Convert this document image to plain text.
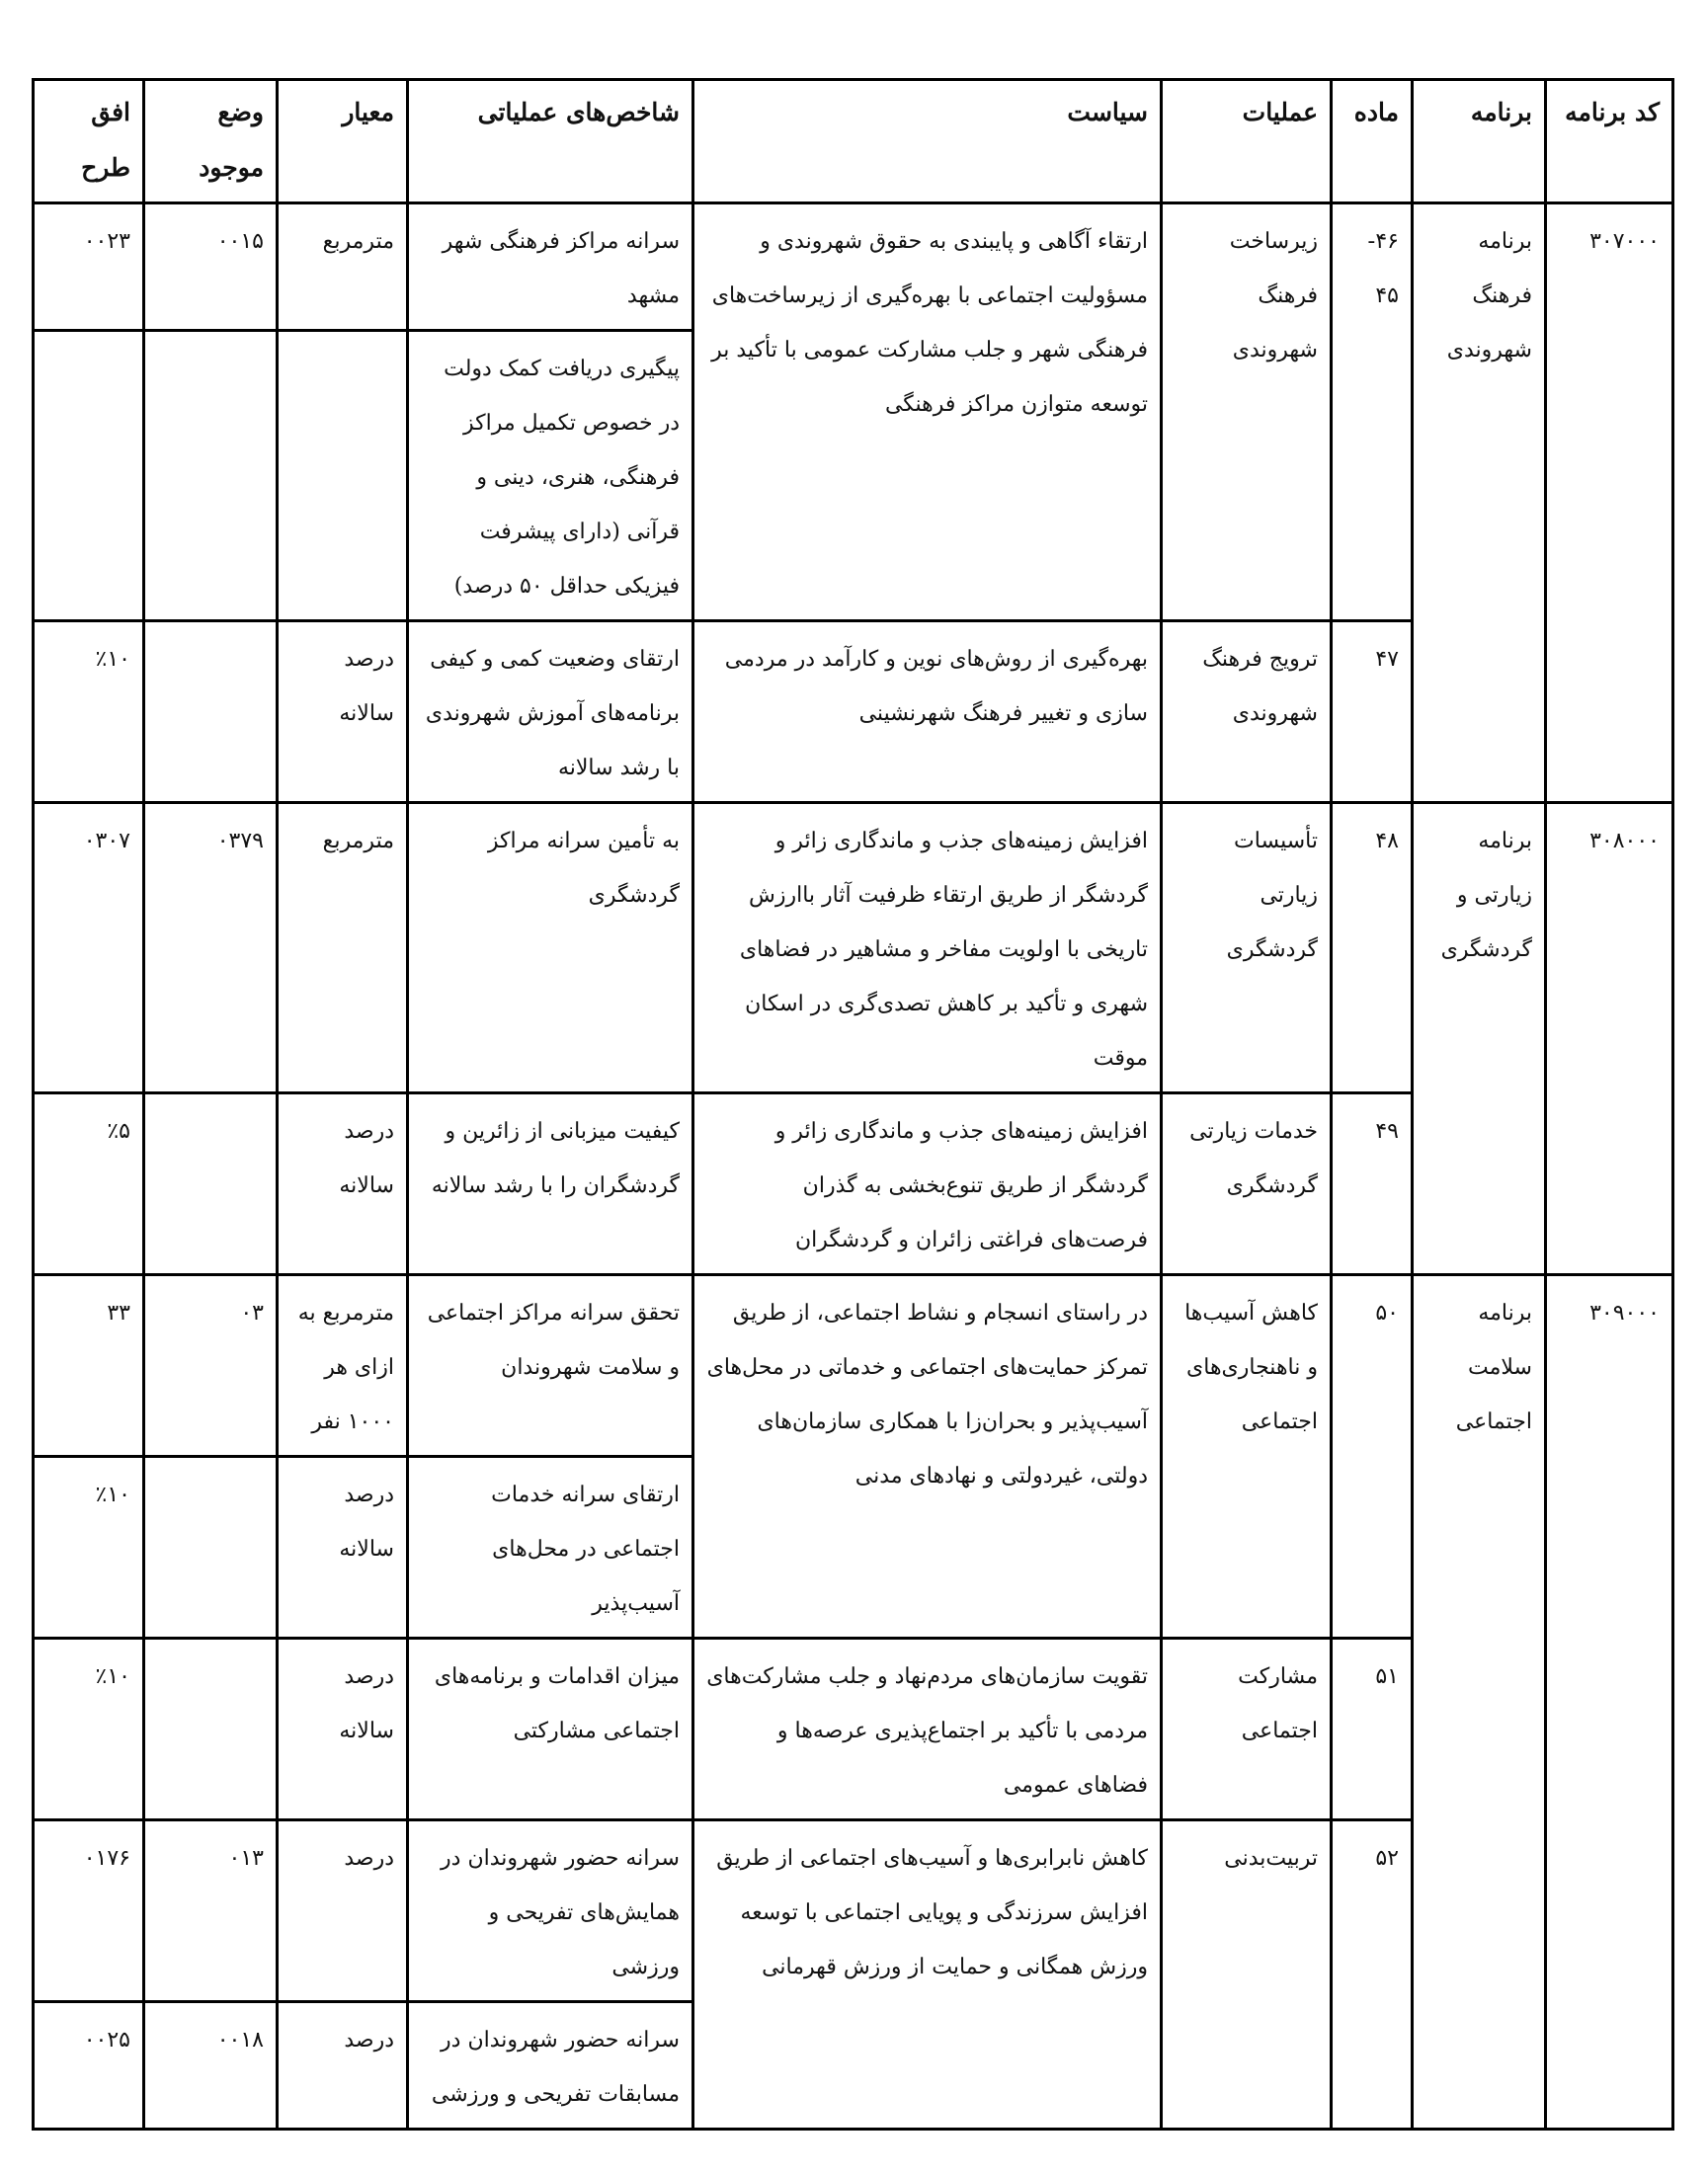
کد برنامه	برنامه	ماده	عملیات	سیاست	شاخص‌های عملیاتی	معیار	وضع موجود	افق طرح
۳۰۷۰۰۰	برنامه فرهنگ شهروندی	۴۶- ۴۵	زیرساخت فرهنگ شهروندی	ارتقاء آگاهی و پایبندی به حقوق شهروندی و مسؤولیت اجتماعی با بهره‌گیری از زیرساخت‌های فرهنگی شهر و جلب مشارکت عمومی با تأکید بر توسعه متوازن مراکز فرهنگی	سرانه مراکز فرهنگی شهر مشهد	مترمربع	۰۰۱۵	۰۰۲۳
					پیگیری دریافت کمک دولت در خصوص تکمیل مراکز فرهنگی، هنری، دینی و قرآنی (دارای پیشرفت فیزیکی حداقل ۵۰ درصد)			
		۴۷	ترویج فرهنگ شهروندی	بهره‌گیری از روش‌های نوین و کارآمد در مردمی سازی و تغییر فرهنگ شهرنشینی	ارتقای وضعیت کمی و کیفی برنامه‌های آموزش شهروندی با رشد سالانه	درصد سالانه		٪۱۰
۳۰۸۰۰۰	برنامه زیارتی و گردشگری	۴۸	تأسیسات زیارتی گردشگری	افزایش زمینه‌های جذب و ماندگاری زائر و گردشگر از طریق ارتقاء ظرفیت آثار باارزش تاریخی با اولویت مفاخر و مشاهیر در فضاهای شهری و تأکید بر کاهش تصدی‌گری در اسکان موقت	به تأمین سرانه مراکز گردشگری	مترمربع	۰۳۷۹	۰۳۰۷
		۴۹	خدمات زیارتی گردشگری	افزایش زمینه‌های جذب و ماندگاری زائر و گردشگر از طریق تنوع‌بخشی به گذران فرصت‌های فراغتی زائران و گردشگران	کیفیت میزبانی از زائرین و گردشگران را با رشد سالانه	درصد سالانه		٪۵
۳۰۹۰۰۰	برنامه سلامت اجتماعی	۵۰	کاهش آسیب‌ها و ناهنجاری‌های اجتماعی	در راستای انسجام و نشاط اجتماعی، از طریق تمرکز حمایت‌های اجتماعی و خدماتی در محل‌های آسیب‌پذیر و بحران‌زا با همکاری سازمان‌های دولتی، غیردولتی و نهادهای مدنی	تحقق سرانه مراکز اجتماعی و سلامت شهروندان	مترمربع به ازای هر ۱۰۰۰ نفر	۰۳	۳۳
					ارتقای سرانه خدمات اجتماعی در محل‌های آسیب‌پذیر	درصد سالانه		٪۱۰
		۵۱	مشارکت اجتماعی	تقویت سازمان‌های مردم‌نهاد و جلب مشارکت‌های مردمی با تأکید بر اجتماع‌پذیری عرصه‌ها و فضاهای عمومی	میزان اقدامات و برنامه‌های اجتماعی مشارکتی	درصد سالانه		٪۱۰
		۵۲	تربیت‌بدنی	کاهش نابرابری‌ها و آسیب‌های اجتماعی از طریق افزایش سرزندگی و پویایی اجتماعی با توسعه ورزش همگانی و حمایت از ورزش قهرمانی	سرانه حضور شهروندان در همایش‌های تفریحی و ورزشی	درصد	۰۱۳	۰۱۷۶
					سرانه حضور شهروندان در مسابقات تفریحی و ورزشی	درصد	۰۰۱۸	۰۰۲۵
